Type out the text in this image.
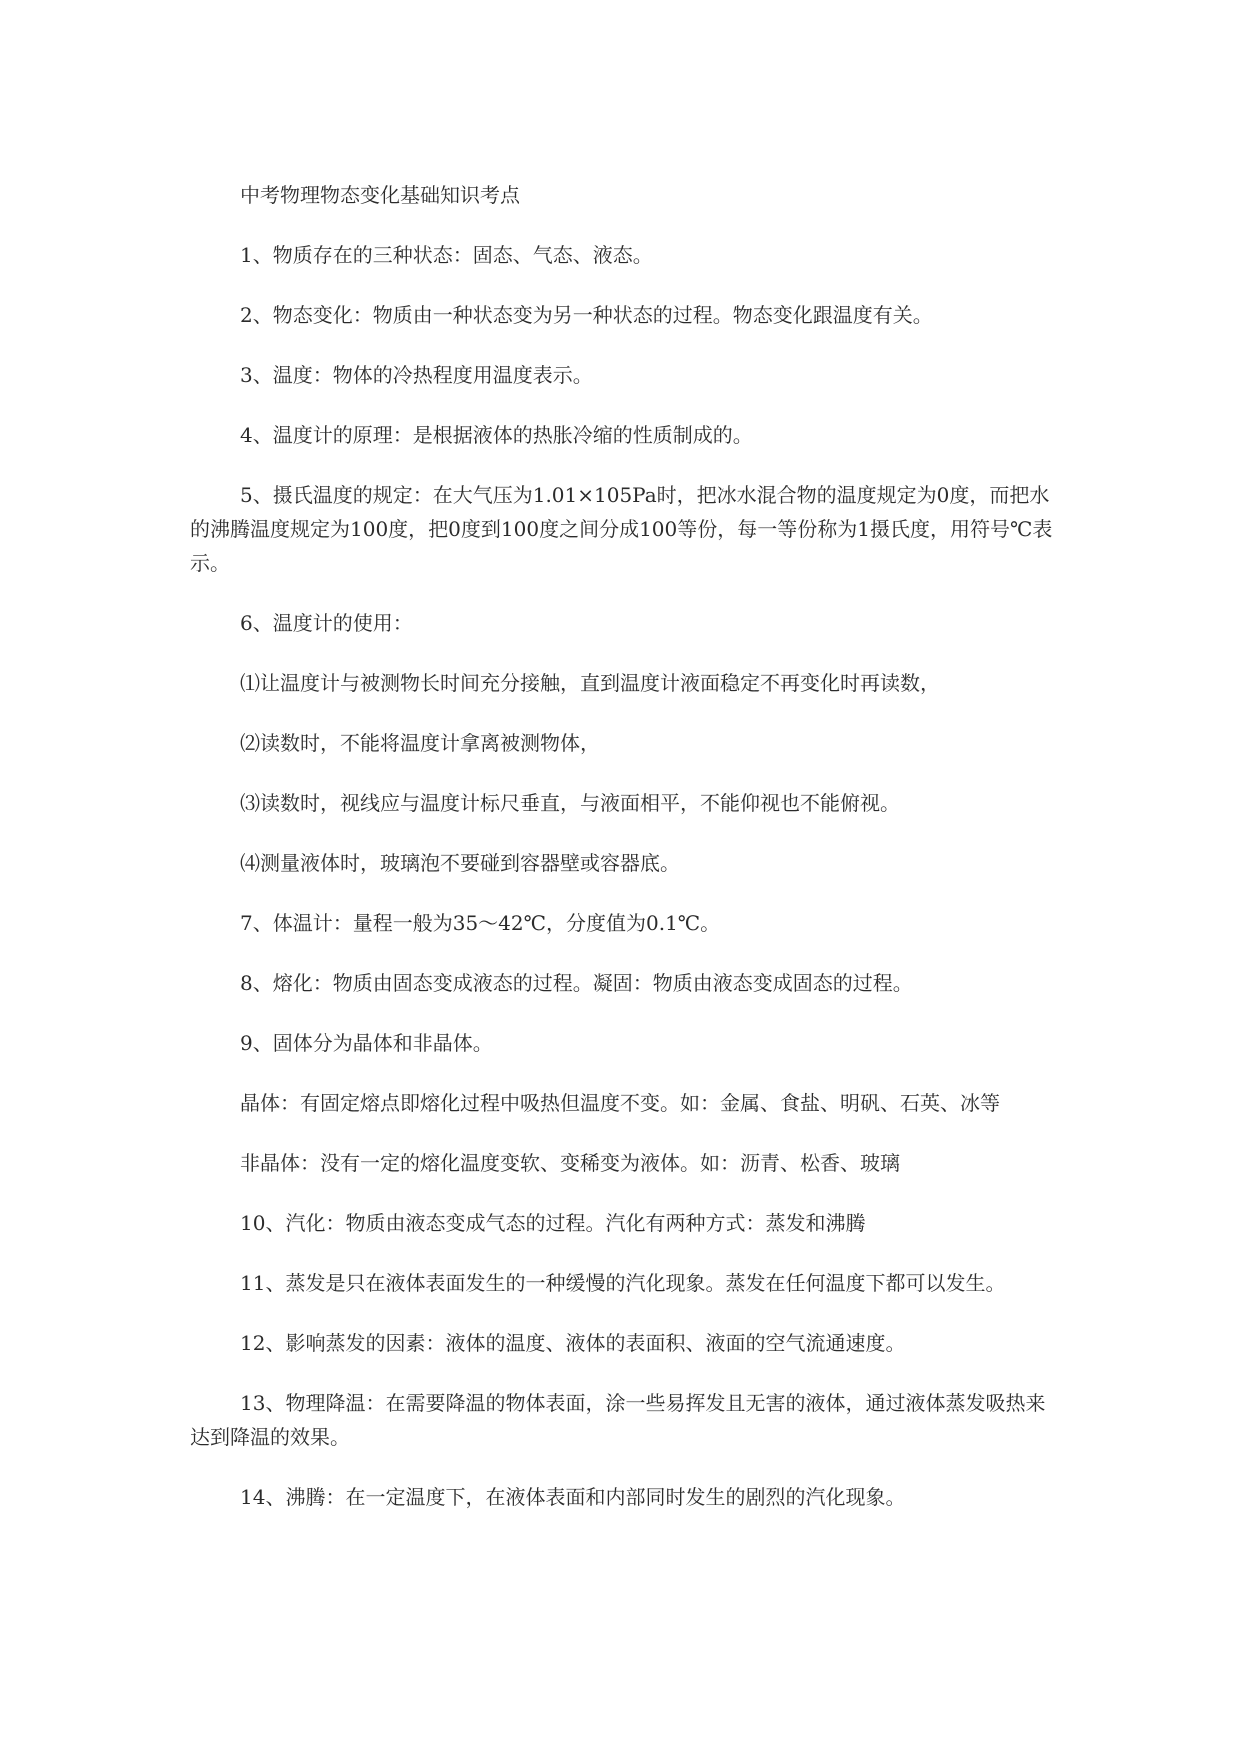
中考物理物态变化基础知识考点

1、物质存在的三种状态：固态、气态、液态。

2、物态变化：物质由一种状态变为另一种状态的过程。物态变化跟温度有关。

3、温度：物体的冷热程度用温度表示。

4、温度计的原理：是根据液体的热胀冷缩的性质制成的。

5、摄氏温度的规定：在大气压为1.01×105Pa时，把冰水混合物的温度规定为0度，而把水的沸腾温度规定为100度，把0度到100度之间分成100等份，每一等份称为1摄氏度，用符号℃表示。

6、温度计的使用：

⑴让温度计与被测物长时间充分接触，直到温度计液面稳定不再变化时再读数，

⑵读数时，不能将温度计拿离被测物体，

⑶读数时，视线应与温度计标尺垂直，与液面相平，不能仰视也不能俯视。

⑷测量液体时，玻璃泡不要碰到容器壁或容器底。

7、体温计：量程一般为35～42℃，分度值为0.1℃。

8、熔化：物质由固态变成液态的过程。凝固：物质由液态变成固态的过程。

9、固体分为晶体和非晶体。

晶体：有固定熔点即熔化过程中吸热但温度不变。如：金属、食盐、明矾、石英、冰等

非晶体：没有一定的熔化温度变软、变稀变为液体。如：沥青、松香、玻璃

10、汽化：物质由液态变成气态的过程。汽化有两种方式：蒸发和沸腾

11、蒸发是只在液体表面发生的一种缓慢的汽化现象。蒸发在任何温度下都可以发生。

12、影响蒸发的因素：液体的温度、液体的表面积、液面的空气流通速度。

13、物理降温：在需要降温的物体表面，涂一些易挥发且无害的液体，通过液体蒸发吸热来达到降温的效果。

14、沸腾：在一定温度下，在液体表面和内部同时发生的剧烈的汽化现象。
